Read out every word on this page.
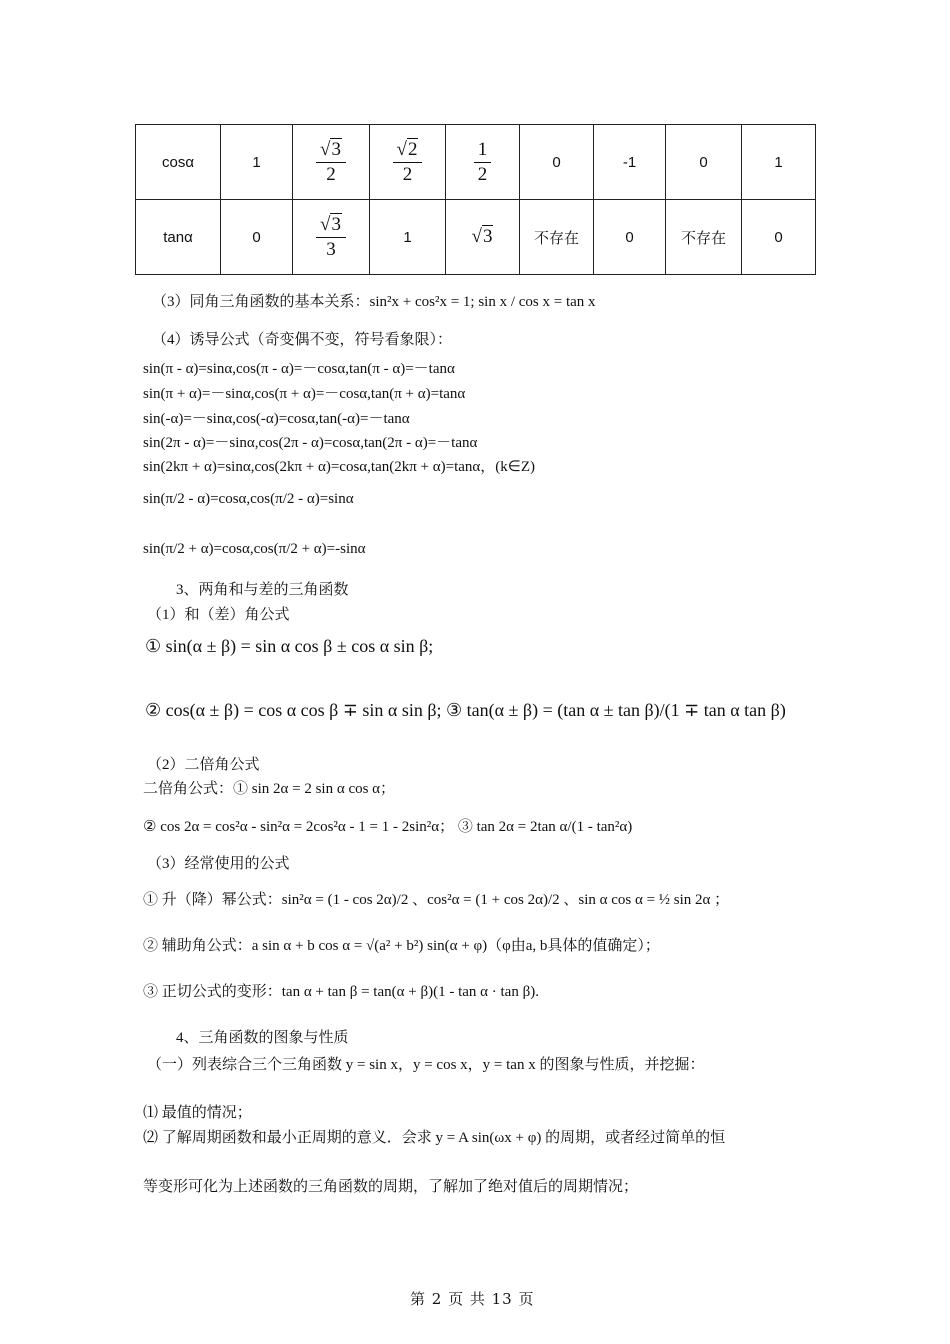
cosα	1	$\frac{√3}{2}$	$\frac{√2}{2}$	$\frac{1}{2}$	0	-1	0	1
tanα	0	$\frac{√3}{3}$	1	√3	不存在	0	不存在	0
（3）同角三角函数的基本关系：sin²x + cos²x = 1; sin x / cos x = tan x
（4）诱导公式（奇变偶不变，符号看象限）：
sin(π - α)=sinα,cos(π - α)=－cosα,tan(π - α)=－tanα
sin(π + α)=－sinα,cos(π + α)=－cosα,tan(π + α)=tanα
sin(-α)=－sinα,cos(-α)=cosα,tan(-α)=－tanα
sin(2π - α)=－sinα,cos(2π - α)=cosα,tan(2π - α)=－tanα
sin(2kπ + α)=sinα,cos(2kπ + α)=cosα,tan(2kπ + α)=tanα，(k∈Z)
sin(π/2 - α)=cosα,cos(π/2 - α)=sinα
sin(π/2 + α)=cosα,cos(π/2 + α)=-sinα
3、两角和与差的三角函数
（1）和（差）角公式
① sin(α ± β) = sin α cos β ± cos α sin β;
② cos(α ± β) = cos α cos β ∓ sin α sin β; ③ tan(α ± β) = (tan α ± tan β)/(1 ∓ tan α tan β)
（2）二倍角公式
二倍角公式：① sin 2α = 2 sin α cos α；
② cos 2α = cos²α - sin²α = 2cos²α - 1 = 1 - 2sin²α； ③ tan 2α = 2tan α/(1 - tan²α)
（3）经常使用的公式
① 升（降）幂公式：sin²α = (1 - cos 2α)/2 、cos²α = (1 + cos 2α)/2 、sin α cos α = ½ sin 2α ；
② 辅助角公式：a sin α + b cos α = √(a² + b²) sin(α + φ)（φ由a, b具体的值确定）；
③ 正切公式的变形：tan α + tan β = tan(α + β)(1 - tan α · tan β).
4、三角函数的图象与性质
（一）列表综合三个三角函数 y = sin x，y = cos x，y = tan x 的图象与性质，并挖掘：
⑴ 最值的情况；
⑵ 了解周期函数和最小正周期的意义．会求 y = A sin(ωx + φ) 的周期，或者经过简单的恒
等变形可化为上述函数的三角函数的周期，了解加了绝对值后的周期情况；
第 2 页 共 13 页
